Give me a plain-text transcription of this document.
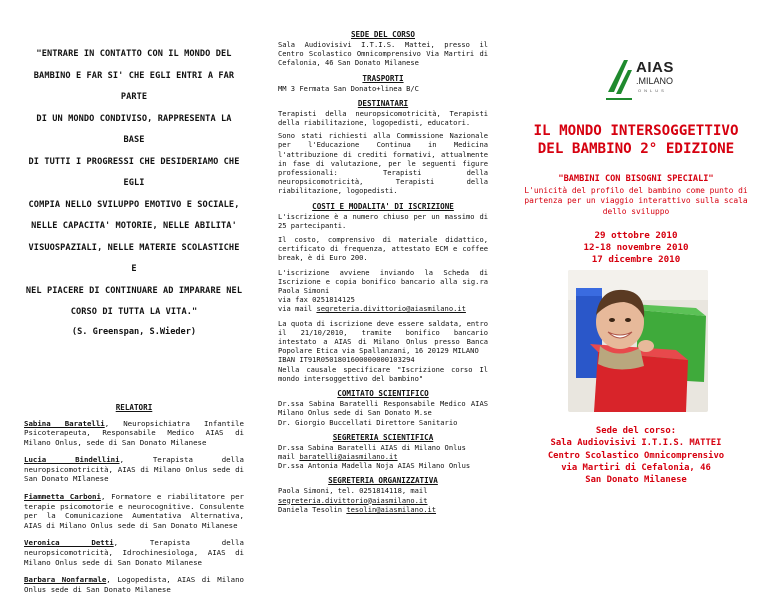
"ENTRARE IN CONTATTO CON IL MONDO DEL
BAMBINO E FAR SI' CHE EGLI ENTRI A FAR PARTE
DI UN MONDO CONDIVISO, RAPPRESENTA LA BASE
DI TUTTI I PROGRESSI CHE DESIDERIAMO CHE EGLI
COMPIA NELLO SVILUPPO EMOTIVO E SOCIALE,
NELLE CAPACITA' MOTORIE, NELLE ABILITA'
VISUOSPAZIALI, NELLE MATERIE SCOLASTICHE E
NEL PIACERE DI CONTINUARE AD IMPARARE NEL
CORSO DI TUTTA LA VITA."
(S. Greenspan, S.Wieder)
RELATORI
Sabina Baratelli, Neuropsichiatra Infantile Psicoterapeuta, Responsabile Medico AIAS di Milano Onlus, sede di San Donato Milanese
Lucia Bindellini, Terapista della neuropsicomotricità, AIAS di Milano Onlus sede di San Donato MIlanese
Fiammetta Carboni, Formatore e riabilitatore per terapie psicomotorie e neurocognitive. Consulente per la Comunicazione Aumentativa Alternativa, AIAS di Milano Onlus sede di San Donato Milanese
Veronica Detti, Terapista della neuropsicomotricità, Idrochinesiologa, AIAS di Milano Onlus sede di San Donato Milanese
Barbara Nonfarmale, Logopedista, AIAS di Milano Onlus sede di San Donato Milanese
SEDE DEL CORSO
Sala Audiovisivi I.T.I.S. Mattei, presso il Centro Scolastico Omnicomprensivo Via Martiri di Cefalonia, 46 San Donato Milanese
TRASPORTI
MM 3 Fermata San Donato+linea B/C
DESTINATARI
Terapisti della neuropsicomotricità, Terapisti della riabilitazione, logopedisti, educatori.
Sono stati richiesti alla Commissione Nazionale per l'Educazione Continua in Medicina l'attribuzione di crediti formativi, attualmente in fase di valutazione, per le seguenti figure professionali: Terapisti della neuropsicomotricità, Terapisti della riabilitazione, logopedisti.
COSTI E MODALITA' DI ISCRIZIONE
L'iscrizione è a numero chiuso per un massimo di 25 partecipanti.
Il costo, comprensivo di materiale didattico, certificato di frequenza, attestato ECM e coffee break, è di Euro 200.
L'iscrizione avviene inviando la Scheda di Iscrizione e copia bonifico bancario alla sig.ra Paola Simoni
via fax 0251814125
via mail segreteria.divittorio@aiasmilano.it
La quota di iscrizione deve essere saldata, entro il 21/10/2010, tramite bonifico bancario intestato a AIAS di Milano Onlus presso Banca Popolare Etica via Spallanzani, 16 20129 MILANO
IBAN IT91R0501801600000000103294
Nella causale specificare "Iscrizione corso Il mondo intersoggettivo del bambino"
COMITATO SCIENTIFICO
Dr.ssa Sabina Baratelli Responsabile Medico AIAS Milano Onlus sede di San Donato M.se
Dr. Giorgio Buccellati Direttore Sanitario
SEGRETERIA SCIENTIFICA
Dr.ssa Sabina Baratelli AIAS di Milano Onlus
mail baratelli@aiasmilano.it
Dr.ssa Antonia Madella Noja AIAS Milano Onlus
SEGRETERIA ORGANIZZATIVA
Paola Simoni, tel. 0251814118, mail
segreteria.divittorio@aiasmilano.it
Daniela Tesolin tesolin@aiasmilano.it
AIAS
.MILANO
ONLUS
IL MONDO INTERSOGGETTIVO
DEL BAMBINO 2° EDIZIONE
"BAMBINI CON BISOGNI SPECIALI"
L'unicità del profilo del bambino come punto di partenza per un viaggio interattivo sulla scala dello sviluppo
29 ottobre 2010
12-18 novembre 2010
17 dicembre 2010
Sede del corso:
Sala Audiovisivi I.T.I.S. MATTEI
Centro Scolastico Omnicomprensivo
via Martiri di Cefalonia, 46
San Donato Milanese
